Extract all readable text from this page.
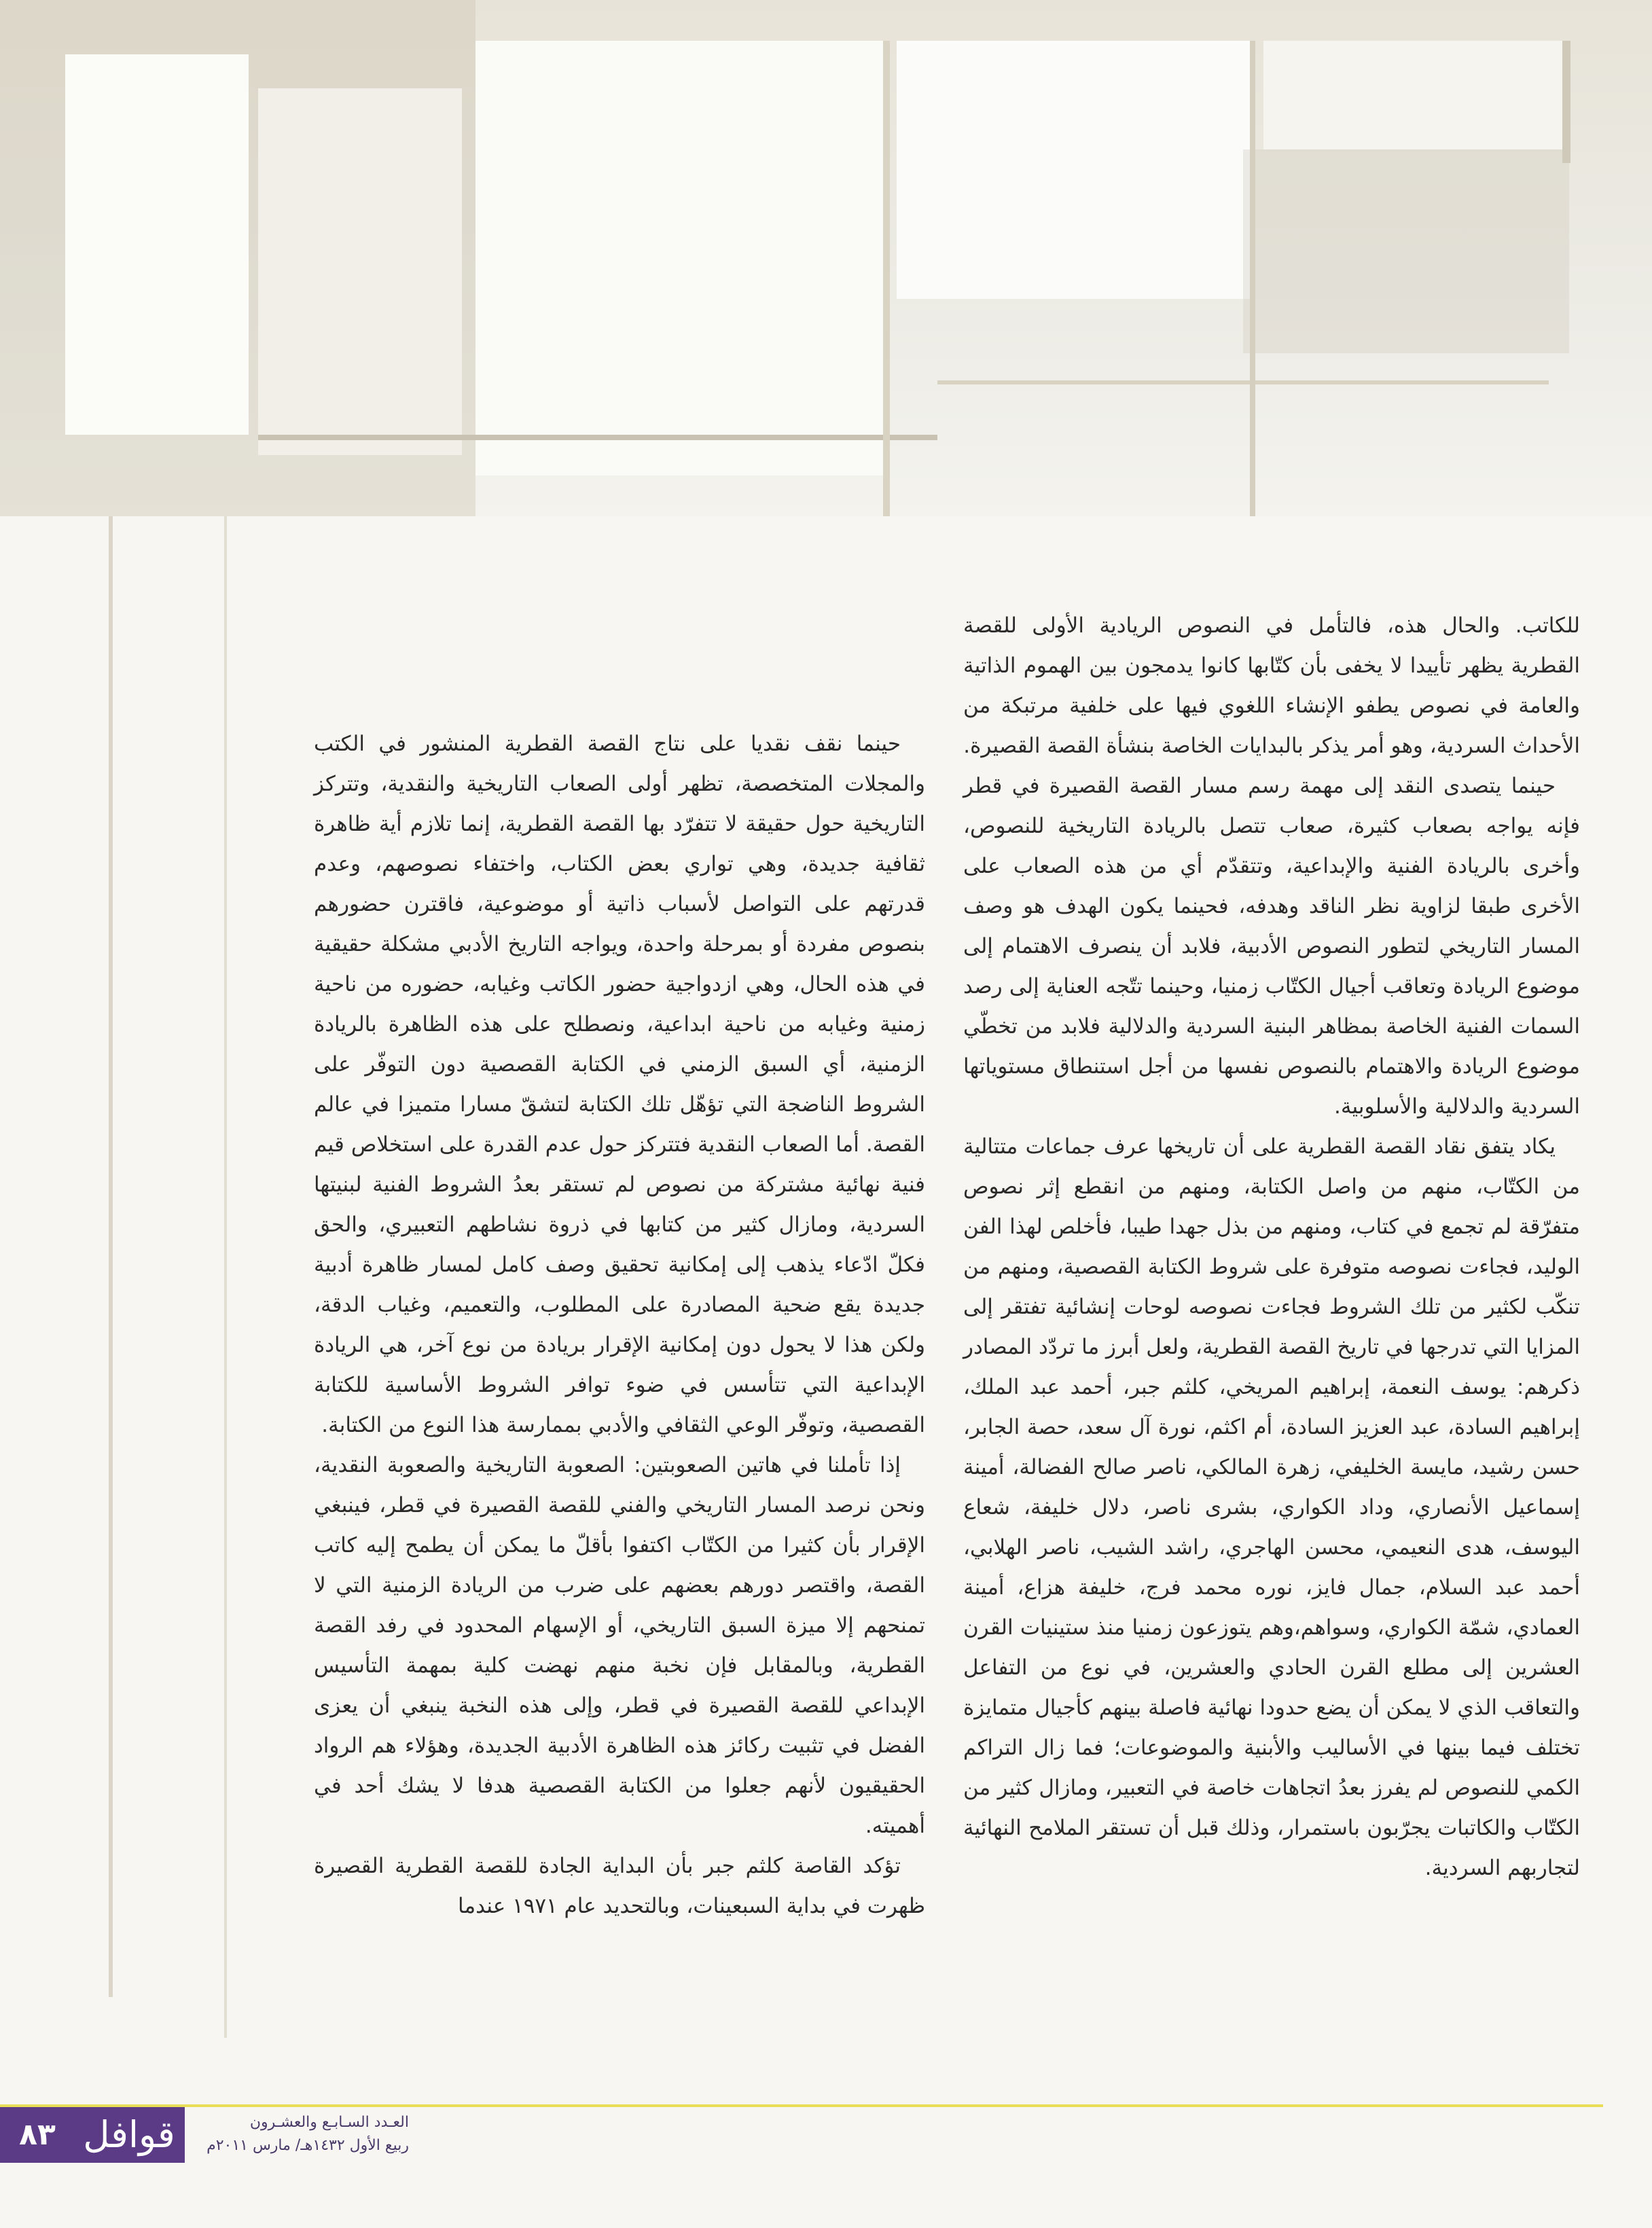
للكاتب. والحال هذه، فالتأمل في النصوص الريادية الأولى للقصة القطرية يظهر تأييدا لا يخفى بأن كتّابها كانوا يدمجون بين الهموم الذاتية والعامة في نصوص يطفو الإنشاء اللغوي فيها على خلفية مرتبكة من الأحداث السردية، وهو أمر يذكر بالبدايات الخاصة بنشأة القصة القصيرة.

حينما يتصدى النقد إلى مهمة رسم مسار القصة القصيرة في قطر فإنه يواجه بصعاب كثيرة، صعاب تتصل بالريادة التاريخية للنصوص، وأخرى بالريادة الفنية والإبداعية، وتتقدّم أي من هذه الصعاب على الأخرى طبقا لزاوية نظر الناقد وهدفه، فحينما يكون الهدف هو وصف المسار التاريخي لتطور النصوص الأدبية، فلابد أن ينصرف الاهتمام إلى موضوع الريادة وتعاقب أجيال الكتّاب زمنيا، وحينما تتّجه العناية إلى رصد السمات الفنية الخاصة بمظاهر البنية السردية والدلالية فلابد من تخطّي موضوع الريادة والاهتمام بالنصوص نفسها من أجل استنطاق مستوياتها السردية والدلالية والأسلوبية.

يكاد يتفق نقاد القصة القطرية على أن تاريخها عرف جماعات متتالية من الكتّاب، منهم من واصل الكتابة، ومنهم من انقطع إثر نصوص متفرّقة لم تجمع في كتاب، ومنهم من بذل جهدا طيبا، فأخلص لهذا الفن الوليد، فجاءت نصوصه متوفرة على شروط الكتابة القصصية، ومنهم من تنكّب لكثير من تلك الشروط فجاءت نصوصه لوحات إنشائية تفتقر إلى المزايا التي تدرجها في تاريخ القصة القطرية، ولعل أبرز ما تردّد المصادر ذكرهم: يوسف النعمة، إبراهيم المريخي، كلثم جبر، أحمد عبد الملك، إبراهيم السادة، عبد العزيز السادة، أم اكثم، نورة آل سعد، حصة الجابر، حسن رشيد، مايسة الخليفي، زهرة المالكي، ناصر صالح الفضالة، أمينة إسماعيل الأنصاري، وداد الكواري، بشرى ناصر، دلال خليفة، شعاع اليوسف، هدى النعيمي، محسن الهاجري، راشد الشيب، ناصر الهلابي، أحمد عبد السلام، جمال فايز، نوره محمد فرج، خليفة هزاع، أمينة العمادي، شمّة الكواري، وسواهم،وهم يتوزعون زمنيا منذ ستينيات القرن العشرين إلى مطلع القرن الحادي والعشرين، في نوع من التفاعل والتعاقب الذي لا يمكن أن يضع حدودا نهائية فاصلة بينهم كأجيال متمايزة تختلف فيما بينها في الأساليب والأبنية والموضوعات؛ فما زال التراكم الكمي للنصوص لم يفرز بعدُ اتجاهات خاصة في التعبير، ومازال كثير من الكتّاب والكاتبات يجرّبون باستمرار، وذلك قبل أن تستقر الملامح النهائية لتجاربهم السردية.

حينما نقف نقديا على نتاج القصة القطرية المنشور في الكتب والمجلات المتخصصة، تظهر أولى الصعاب التاريخية والنقدية، وتتركز التاريخية حول حقيقة لا تتفرّد بها القصة القطرية، إنما تلازم أية ظاهرة ثقافية جديدة، وهي تواري بعض الكتاب، واختفاء نصوصهم، وعدم قدرتهم على التواصل لأسباب ذاتية أو موضوعية، فاقترن حضورهم بنصوص مفردة أو بمرحلة واحدة، ويواجه التاريخ الأدبي مشكلة حقيقية في هذه الحال، وهي ازدواجية حضور الكاتب وغيابه، حضوره من ناحية زمنية وغيابه من ناحية ابداعية، ونصطلح على هذه الظاهرة بالريادة الزمنية، أي السبق الزمني في الكتابة القصصية دون التوفّر على الشروط الناضجة التي تؤهّل تلك الكتابة لتشقّ مسارا متميزا في عالم القصة. أما الصعاب النقدية فتتركز حول عدم القدرة على استخلاص قيم فنية نهائية مشتركة من نصوص لم تستقر بعدُ الشروط الفنية لبنيتها السردية، ومازال كثير من كتابها في ذروة نشاطهم التعبيري، والحق فكلّ ادّعاء يذهب إلى إمكانية تحقيق وصف كامل لمسار ظاهرة أدبية جديدة يقع ضحية المصادرة على المطلوب، والتعميم، وغياب الدقة، ولكن هذا لا يحول دون إمكانية الإقرار بريادة من نوع آخر، هي الريادة الإبداعية التي تتأسس في ضوء توافر الشروط الأساسية للكتابة القصصية، وتوفّر الوعي الثقافي والأدبي بممارسة هذا النوع من الكتابة.

إذا تأملنا في هاتين الصعوبتين: الصعوبة التاريخية والصعوبة النقدية، ونحن نرصد المسار التاريخي والفني للقصة القصيرة في قطر، فينبغي الإقرار بأن كثيرا من الكتّاب اكتفوا بأقلّ ما يمكن أن يطمح إليه كاتب القصة، واقتصر دورهم بعضهم على ضرب من الريادة الزمنية التي لا تمنحهم إلا ميزة السبق التاريخي، أو الإسهام المحدود في رفد القصة القطرية، وبالمقابل فإن نخبة منهم نهضت كلية بمهمة التأسيس الإبداعي للقصة القصيرة في قطر، وإلى هذه النخبة ينبغي أن يعزى الفضل في تثبيت ركائز هذه الظاهرة الأدبية الجديدة، وهؤلاء هم الرواد الحقيقيون لأنهم جعلوا من الكتابة القصصية هدفا لا يشك أحد في أهميته.

تؤكد القاصة كلثم جبر بأن البداية الجادة للقصة القطرية القصيرة ظهرت في بداية السبعينات، وبالتحديد عام ١٩٧١ عندما

٨٣ قوافل	العـدد السـابـع والعشـرون
ربيع الأول ١٤٣٢هـ/ مارس ٢٠١١م
